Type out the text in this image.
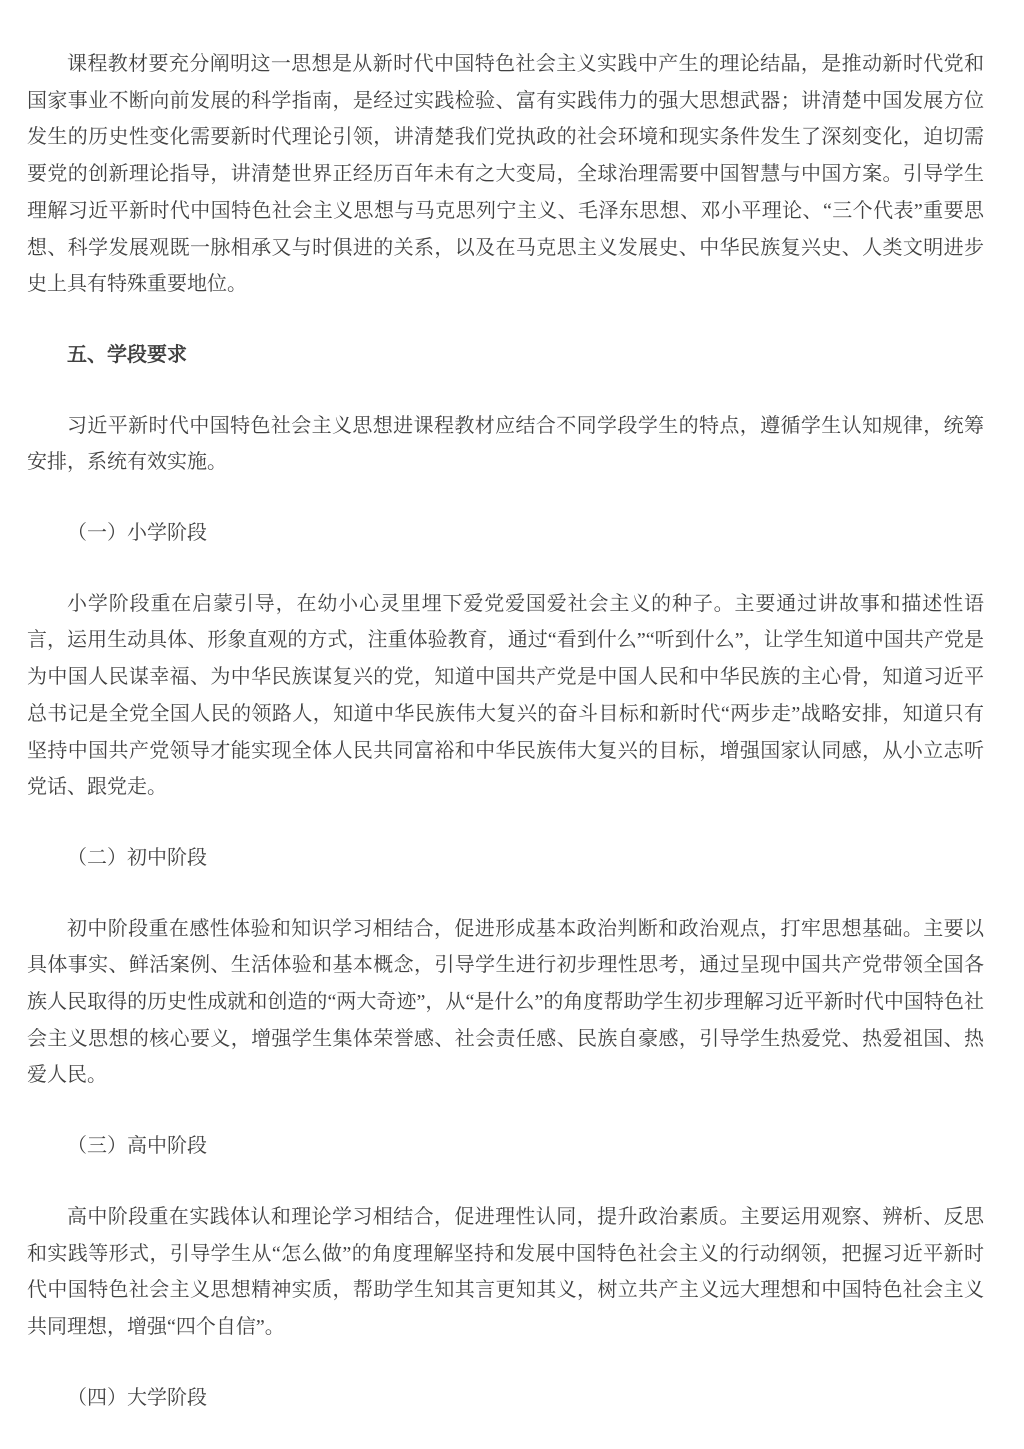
课程教材要充分阐明这一思想是从新时代中国特色社会主义实践中产生的理论结晶，是推动新时代党和国家事业不断向前发展的科学指南，是经过实践检验、富有实践伟力的强大思想武器；讲清楚中国发展方位发生的历史性变化需要新时代理论引领，讲清楚我们党执政的社会环境和现实条件发生了深刻变化，迫切需要党的创新理论指导，讲清楚世界正经历百年未有之大变局，全球治理需要中国智慧与中国方案。引导学生理解习近平新时代中国特色社会主义思想与马克思列宁主义、毛泽东思想、邓小平理论、“三个代表”重要思想、科学发展观既一脉相承又与时俱进的关系，以及在马克思主义发展史、中华民族复兴史、人类文明进步史上具有特殊重要地位。

五、学段要求

习近平新时代中国特色社会主义思想进课程教材应结合不同学段学生的特点，遵循学生认知规律，统筹安排，系统有效实施。

（一）小学阶段

小学阶段重在启蒙引导，在幼小心灵里埋下爱党爱国爱社会主义的种子。主要通过讲故事和描述性语言，运用生动具体、形象直观的方式，注重体验教育，通过“看到什么”“听到什么”，让学生知道中国共产党是为中国人民谋幸福、为中华民族谋复兴的党，知道中国共产党是中国人民和中华民族的主心骨，知道习近平总书记是全党全国人民的领路人，知道中华民族伟大复兴的奋斗目标和新时代“两步走”战略安排，知道只有坚持中国共产党领导才能实现全体人民共同富裕和中华民族伟大复兴的目标，增强国家认同感，从小立志听党话、跟党走。

（二）初中阶段

初中阶段重在感性体验和知识学习相结合，促进形成基本政治判断和政治观点，打牢思想基础。主要以具体事实、鲜活案例、生活体验和基本概念，引导学生进行初步理性思考，通过呈现中国共产党带领全国各族人民取得的历史性成就和创造的“两大奇迹”，从“是什么”的角度帮助学生初步理解习近平新时代中国特色社会主义思想的核心要义，增强学生集体荣誉感、社会责任感、民族自豪感，引导学生热爱党、热爱祖国、热爱人民。

（三）高中阶段

高中阶段重在实践体认和理论学习相结合，促进理性认同，提升政治素质。主要运用观察、辨析、反思和实践等形式，引导学生从“怎么做”的角度理解坚持和发展中国特色社会主义的行动纲领，把握习近平新时代中国特色社会主义思想精神实质，帮助学生知其言更知其义，树立共产主义远大理想和中国特色社会主义共同理想，增强“四个自信”。

（四）大学阶段
